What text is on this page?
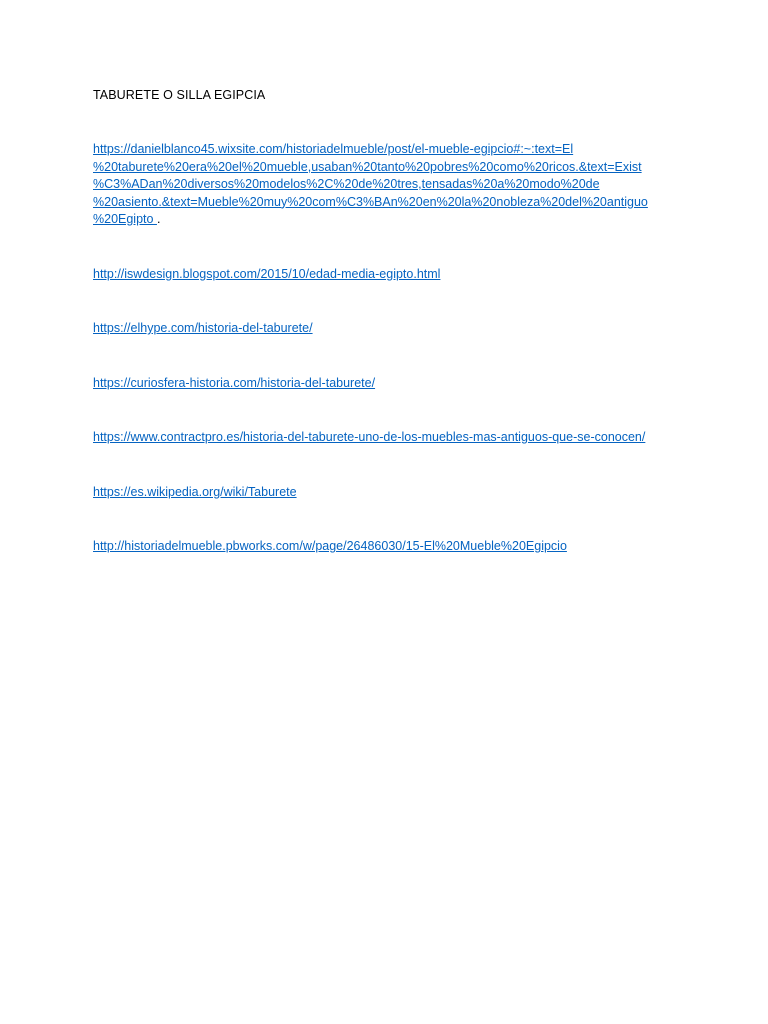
TABURETE O SILLA EGIPCIA

https://danielblanco45.wixsite.com/historiadelmueble/post/el-mueble-egipcio#:~:text=El
%20taburete%20era%20el%20mueble,usaban%20tanto%20pobres%20como%20ricos.&text=Exist
%C3%ADan%20diversos%20modelos%2C%20de%20tres,tensadas%20a%20modo%20de
%20asiento.&text=Mueble%20muy%20com%C3%BAn%20en%20la%20nobleza%20del%20antiguo
%20Egipto .
http://iswdesign.blogspot.com/2015/10/edad-media-egipto.html
https://elhype.com/historia-del-taburete/
https://curiosfera-historia.com/historia-del-taburete/
https://www.contractpro.es/historia-del-taburete-uno-de-los-muebles-mas-antiguos-que-se-conocen/
https://es.wikipedia.org/wiki/Taburete
http://historiadelmueble.pbworks.com/w/page/26486030/15-El%20Mueble%20Egipcio
